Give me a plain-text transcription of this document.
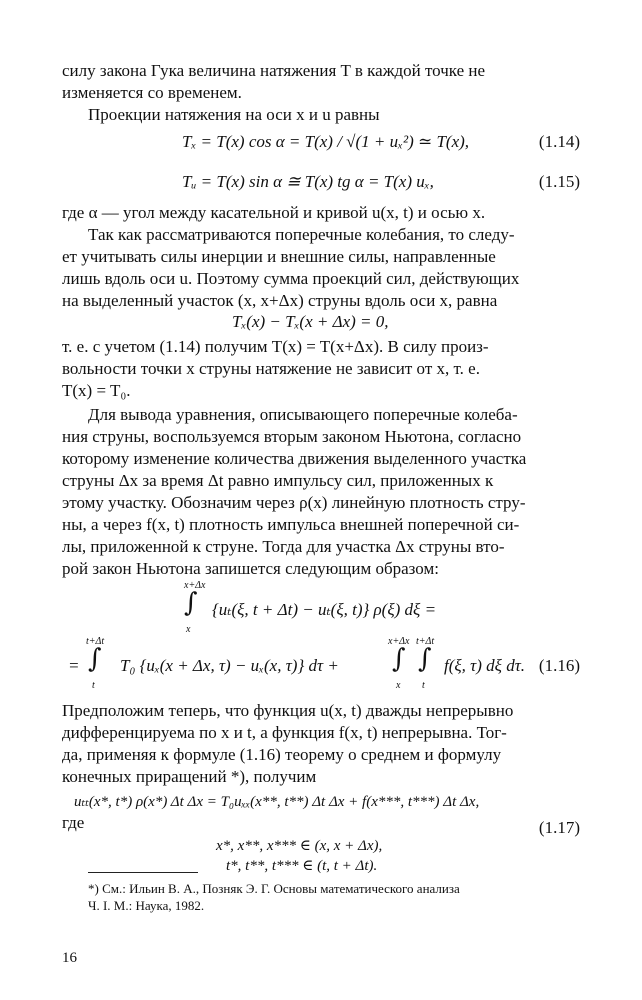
силу закона Гука величина натяжения T в каждой точке не
изменяется со временем.
Проекции натяжения на оси x и u равны
Tₓ = T(x) cos α = T(x) / √(1 + uₓ²) ≃ T(x),	(1.14)
Tᵤ = T(x) sin α ≅ T(x) tg α = T(x) uₓ,	(1.15)
где α — угол между касательной и кривой u(x, t) и осью x.
Так как рассматриваются поперечные колебания, то следу-
ет учитывать силы инерции и внешние силы, направленные
лишь вдоль оси u. Поэтому сумма проекций сил, действующих
на выделенный участок (x, x+Δx) струны вдоль оси x, равна
Tₓ(x) − Tₓ(x + Δx) = 0,
т. е. с учетом (1.14) получим T(x) = T(x+Δx). В силу произ-
вольности точки x струны натяжение не зависит от x, т. е.
T(x) = T₀.
Для вывода уравнения, описывающего поперечные колеба-
ния струны, воспользуемся вторым законом Ньютона, согласно
которому изменение количества движения выделенного участка
струны Δx за время Δt равно импульсу сил, приложенных к
этому участку. Обозначим через ρ(x) линейную плотность стру-
ны, а через f(x, t) плотность импульса внешней поперечной си-
лы, приложенной к струне. Тогда для участка Δx струны вто-
рой закон Ньютона запишется следующим образом:
x+Δx
∫
x
{uₜ(ξ, t + Δt) − uₜ(ξ, t)} ρ(ξ) dξ =
=
t+Δt
∫
t
T₀ {uₓ(x + Δx, τ) − uₓ(x, τ)} dτ +
x+Δx
∫
x
t+Δt
∫
t
f(ξ, τ) dξ dτ. (1.16)
Предположим теперь, что функция u(x, t) дважды непрерывно
дифференцируема по x и t, а функция f(x, t) непрерывна. Тог-
да, применяя к формуле (1.16) теорему о среднем и формулу
конечных приращений *), получим
uₜₜ(x*, t*) ρ(x*) Δt Δx = T₀uₓₓ(x**, t**) Δt Δx + f(x***, t***) Δt Δx,
(1.17)
где
x*, x**, x*** ∈ (x, x + Δx),
t*, t**, t*** ∈ (t, t + Δt).
*) См.: Ильин В. А., Позняк Э. Г. Основы математического анализа
Ч. I. М.: Наука, 1982.
16
